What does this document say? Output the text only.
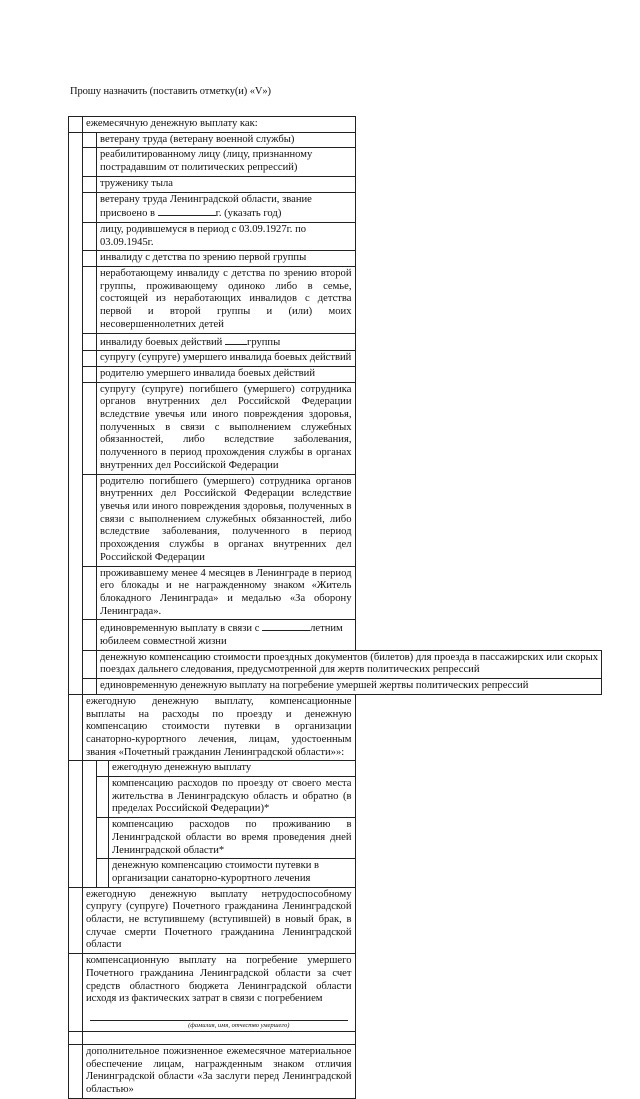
Прошу назначить (поставить отметку(и) «V»)
	ежемесячную денежную выплату как:		
		ветерану труда (ветерану военной службы)	
		реабилитированному лицу (лицу, признанному пострадавшим от политических репрессий)	
		труженику тыла	
		ветерану труда Ленинградской области, звание присвоено в г. (указать год)	
		лицу, родившемуся в период с 03.09.1927г. по 03.09.1945г.	
		инвалиду с детства по зрению первой группы	
		неработающему инвалиду с детства по зрению второй группы, проживающему одиноко либо в семье, состоящей из неработающих инвалидов с детства первой и второй группы и (или) моих несовершеннолетних детей	
		инвалиду боевых действий группы	
		супругу (супруге) умершего инвалида боевых действий	
		родителю умершего инвалида боевых действий	
		супругу (супруге) погибшего (умершего) сотрудника органов внутренних дел Российской Федерации вследствие увечья или иного повреждения здоровья, полученных в связи с выполнением служебных обязанностей, либо вследствие заболевания, полученного в период прохождения службы в органах внутренних дел Российской Федерации	
		родителю погибшего (умершего) сотрудника органов внутренних дел Российской Федерации вследствие увечья или иного повреждения здоровья, полученных в связи с выполнением служебных обязанностей, либо вследствие заболевания, полученного в период прохождения службы в органах внутренних дел Российской Федерации	
		проживавшему менее 4 месяцев в Ленинграде в период его блокады и не награжденному знаком «Житель блокадного Ленинграда» и медалью «За оборону Ленинграда».	
		единовременную выплату в связи с летним юбилеем совместной жизни	
		денежную компенсацию стоимости проездных документов (билетов) для проезда в пассажирских или скорых поездах дальнего следования, предусмотренной для жертв политических репрессий	
		единовременную денежную выплату на погребение умершей жертвы политических репрессий	
	ежегодную денежную выплату, компенсационные выплаты на расходы по проезду и денежную компенсацию стоимости путевки в организации санаторно-курортного лечения, лицам, удостоенным звания «Почетный гражданин Ленинградской области»»:		
			ежегодную денежную выплату
			компенсацию расходов по проезду от своего места жительства в Ленинградскую область и обратно (в пределах Российской Федерации)*
			компенсацию расходов по проживанию в Ленинградской области во время проведения дней Ленинградской области*
			денежную компенсацию стоимости путевки в организации санаторно-курортного лечения
	ежегодную денежную выплату нетрудоспособному супругу (супруге) Почетного гражданина Ленинградской области, не вступившему (вступившей) в новый брак, в случае смерти Почетного гражданина Ленинградской области		

	компенсационную выплату на погребение умершего Почетного гражданина Ленинградской области за счет средств областного бюджета Ленинградской области исходя из фактических затрат в связи с погребением
(фамилия, имя, отчество умершего)		

	дополнительное пожизненное ежемесячное материальное обеспечение лицам, награжденным знаком отличия Ленинградской области «За заслуги перед Ленинградской областью»		
